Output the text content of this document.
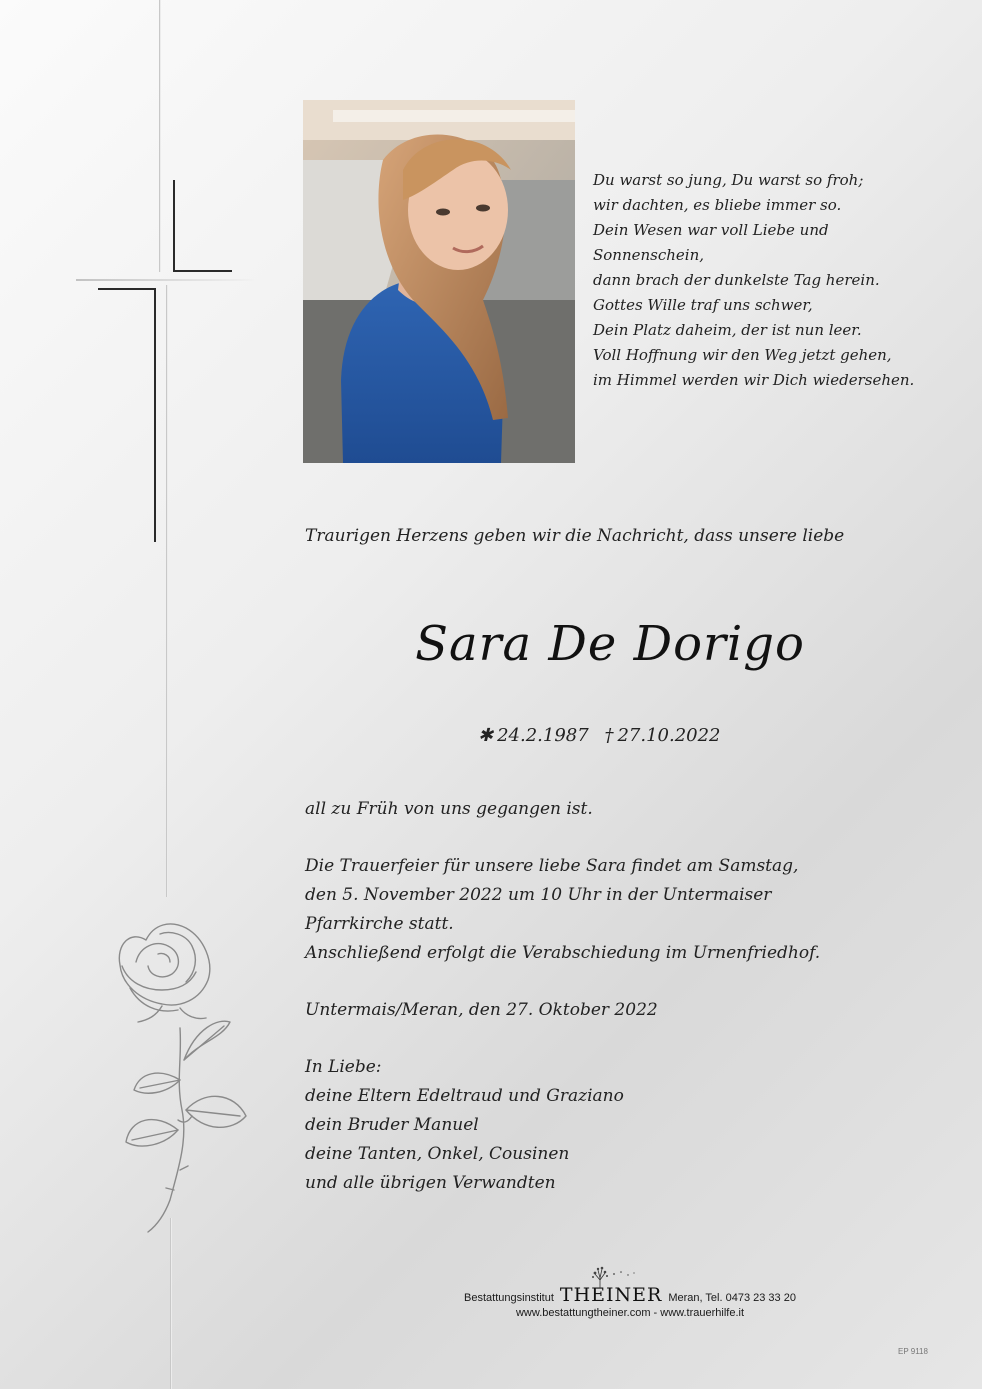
Du warst so jung, Du warst so froh;
wir dachten, es bliebe immer so.
Dein Wesen war voll Liebe und
Sonnenschein,
dann brach der dunkelste Tag herein.
Gottes Wille traf uns schwer,
Dein Platz daheim, der ist nun leer.
Voll Hoffnung wir den Weg jetzt gehen,
im Himmel werden wir Dich wiedersehen.
Traurigen Herzens geben wir die Nachricht, dass unsere liebe
Sara De Dorigo
✱ 24.2.1987 † 27.10.2022
all zu Früh von uns gegangen ist.
Die Trauerfeier für unsere liebe Sara findet am Samstag,
den 5. November 2022 um 10 Uhr in der Untermaiser
Pfarrkirche statt.
Anschließend erfolgt die Verabschiedung im Urnenfriedhof.
Untermais/Meran, den 27. Oktober 2022
In Liebe:
deine Eltern Edeltraud und Graziano
dein Bruder Manuel
deine Tanten, Onkel, Cousinen
und alle übrigen Verwandten
Bestattungsinstitut THEINER Meran, Tel. 0473 23 33 20
www.bestattungtheiner.com - www.trauerhilfe.it
EP 9118
